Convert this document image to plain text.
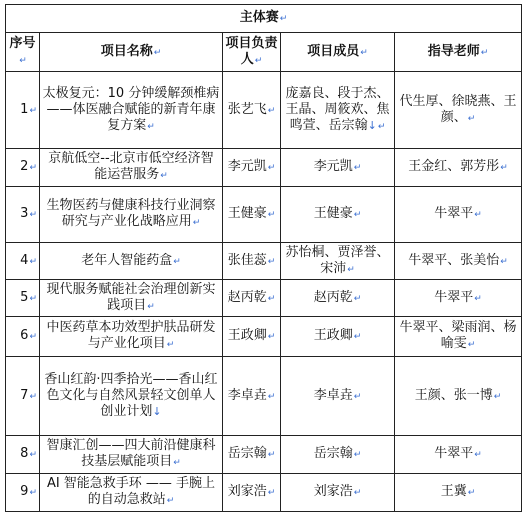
主体赛↵				
序号↵	项目名称↵	项目负责人↵	项目成员↵	指导老师↵
1↵	太极复元：10 分钟缓解颈椎病——体医融合赋能的新青年康复方案↵	张艺飞↵	庞嘉良、段于杰、王晶、周筱欢、焦鸣萱、岳宗翰↓↵	代生厚、徐晓燕、王颜、↵
2↵	京航低空--北京市低空经济智能运营服务↵	李元凯↵	李元凯↵	王金红、郭芳彤↵
3↵	生物医药与健康科技行业洞察研究与产业化战略应用↵	王健豪↵	王健豪↵	牛翠平↵
4↵	老年人智能药盒↵	张佳蕊↵	苏怡桐、贾泽誉、宋沛↵	牛翠平、张美怡↵
5↵	现代服务赋能社会治理创新实践项目↵	赵丙乾↵	赵丙乾↵	牛翠平↵
6↵	中医药草本功效型护肤品研发与产业化项目↵	王政卿↵	王政卿↵	牛翠平、梁雨润、杨喻雯↵
7↵	香山红韵·四季拾光——香山红色文化与自然风景轻文创单人创业计划↓	李卓垚↵	李卓垚↵	王颜、张一博↵
8↵	智康汇创——四大前沿健康科技基层赋能项目↵	岳宗翰↵	岳宗翰↵	牛翠平↵
9↵	AI 智能急救手环 —— 手腕上的自动急救站↵	刘家浩↵	刘家浩↵	王冀↵
